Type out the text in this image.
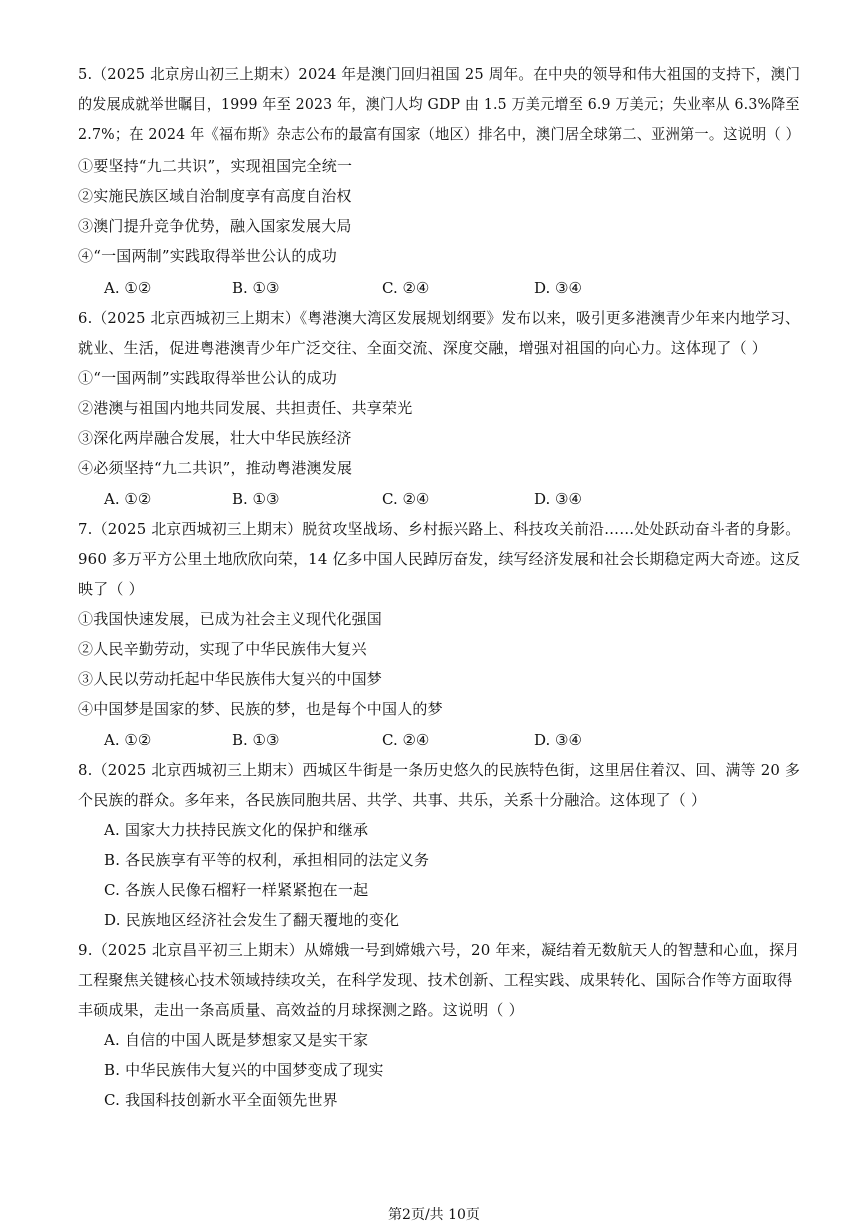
5.（2025 北京房山初三上期末）2024 年是澳门回归祖国 25 周年。在中央的领导和伟大祖国的支持下，澳门
的发展成就举世瞩目，1999 年至 2023 年，澳门人均 GDP 由 1.5 万美元增至 6.9 万美元；失业率从 6.3%降至
2.7%；在 2024 年《福布斯》杂志公布的最富有国家（地区）排名中，澳门居全球第二、亚洲第一。这说明（ ）
①要坚持“九二共识”，实现祖国完全统一
②实施民族区域自治制度享有高度自治权
③澳门提升竞争优势，融入国家发展大局
④“一国两制”实践取得举世公认的成功
A. ①②	B. ①③	C. ②④	D. ③④
6.（2025 北京西城初三上期末）《粤港澳大湾区发展规划纲要》发布以来，吸引更多港澳青少年来内地学习、
就业、生活，促进粤港澳青少年广泛交往、全面交流、深度交融，增强对祖国的向心力。这体现了（ ）
①“一国两制”实践取得举世公认的成功
②港澳与祖国内地共同发展、共担责任、共享荣光
③深化两岸融合发展，壮大中华民族经济
④必须坚持“九二共识”，推动粤港澳发展
A. ①②	B. ①③	C. ②④	D. ③④
7.（2025 北京西城初三上期末）脱贫攻坚战场、乡村振兴路上、科技攻关前沿……处处跃动奋斗者的身影。
960 多万平方公里土地欣欣向荣，14 亿多中国人民踔厉奋发，续写经济发展和社会长期稳定两大奇迹。这反
映了（ ）
①我国快速发展，已成为社会主义现代化强国
②人民辛勤劳动，实现了中华民族伟大复兴
③人民以劳动托起中华民族伟大复兴的中国梦
④中国梦是国家的梦、民族的梦，也是每个中国人的梦
A. ①②	B. ①③	C. ②④	D. ③④
8.（2025 北京西城初三上期末）西城区牛街是一条历史悠久的民族特色街，这里居住着汉、回、满等 20 多
个民族的群众。多年来，各民族同胞共居、共学、共事、共乐，关系十分融洽。这体现了（ ）
A. 国家大力扶持民族文化的保护和继承
B. 各民族享有平等的权利，承担相同的法定义务
C. 各族人民像石榴籽一样紧紧抱在一起
D. 民族地区经济社会发生了翻天覆地的变化
9.（2025 北京昌平初三上期末）从嫦娥一号到嫦娥六号，20 年来，凝结着无数航天人的智慧和心血，探月
工程聚焦关键核心技术领域持续攻关，在科学发现、技术创新、工程实践、成果转化、国际合作等方面取得
丰硕成果，走出一条高质量、高效益的月球探测之路。这说明（ ）
A. 自信的中国人既是梦想家又是实干家
B. 中华民族伟大复兴的中国梦变成了现实
C. 我国科技创新水平全面领先世界
第2页/共 10页
